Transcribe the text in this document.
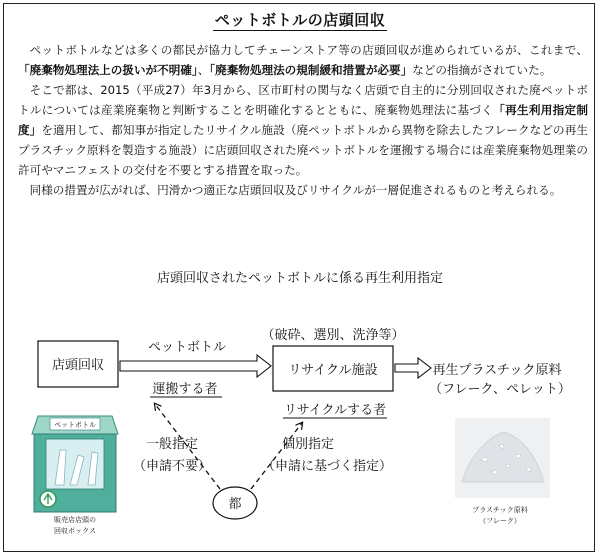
ペットボトルの店頭回収

ペットボトルなどは多くの都民が協力してチェーンストア等の店頭回収が進められているが、これまで、「廃棄物処理法上の扱いが不明確」、「廃棄物処理法の規制緩和措置が必要」などの指摘がされていた。

そこで都は、2015（平成27）年3月から、区市町村の関与なく店頭で自主的に分別回収された廃ペットボトルについては産業廃棄物と判断することを明確化するとともに、廃棄物処理法に基づく「再生利用指定制度」を適用して、都知事が指定したリサイクル施設（廃ペットボトルから異物を除去したフレークなどの再生プラスチック原料を製造する施設）に店頭回収された廃ペットボトルを運搬する場合には産業廃棄物処理業の許可やマニフェストの交付を不要とする措置を取った。

同様の措置が広がれば、円滑かつ適正な店頭回収及びリサイクルが一層促進されるものと考えられる。

店頭回収されたペットボトルに係る再生利用指定
店頭回収	リサイクル施設
（破砕、選別、洗浄等）
ペットボトル
運搬する者
再生プラスチック原料
（フレーク、ペレット）
リサイクルする者
都
一般指定
（申請不要）
個別指定
（申請に基づく指定）
ペットボトル
販売店店頭の
回収ボックス
プラスチック原料
（フレーク）
